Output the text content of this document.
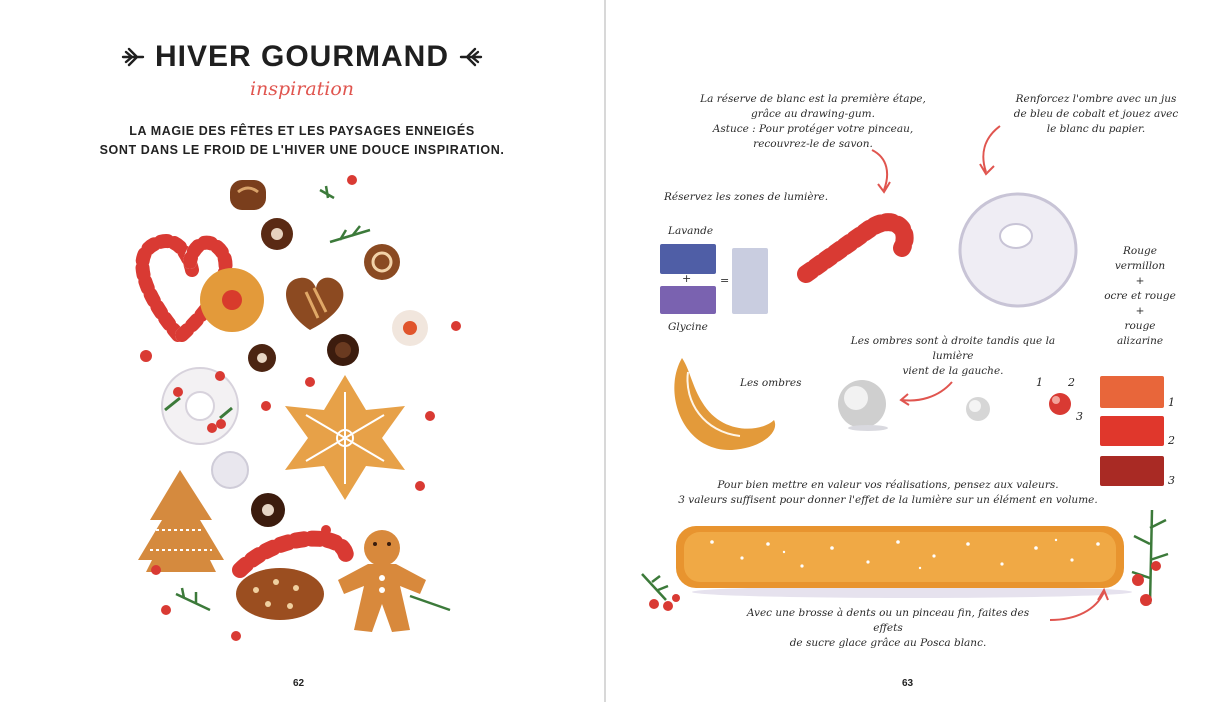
HIVER GOURMAND
inspiration
LA MAGIE DES FÊTES ET LES PAYSAGES ENNEIGÉS
SONT DANS LE FROID DE L'HIVER UNE DOUCE INSPIRATION.
62
La réserve de blanc est la première étape,
grâce au drawing-gum.
Astuce : Pour protéger votre pinceau,
recouvrez-le de savon.
Renforcez l'ombre avec un jus
de bleu de cobalt et jouez avec
le blanc du papier.
Réservez les zones de lumière.
Lavande
+	=
Glycine
Rouge
vermillon
+
ocre et rouge
+
rouge
alizarine
Les ombres sont à droite tandis que la lumière
vient de la gauche.
Les ombres	1 2
3
1
2
3
Pour bien mettre en valeur vos réalisations, pensez aux valeurs.
3 valeurs suffisent pour donner l'effet de la lumière sur un élément en volume.
Avec une brosse à dents ou un pinceau fin, faites des effets
de sucre glace grâce au Posca blanc.
63
